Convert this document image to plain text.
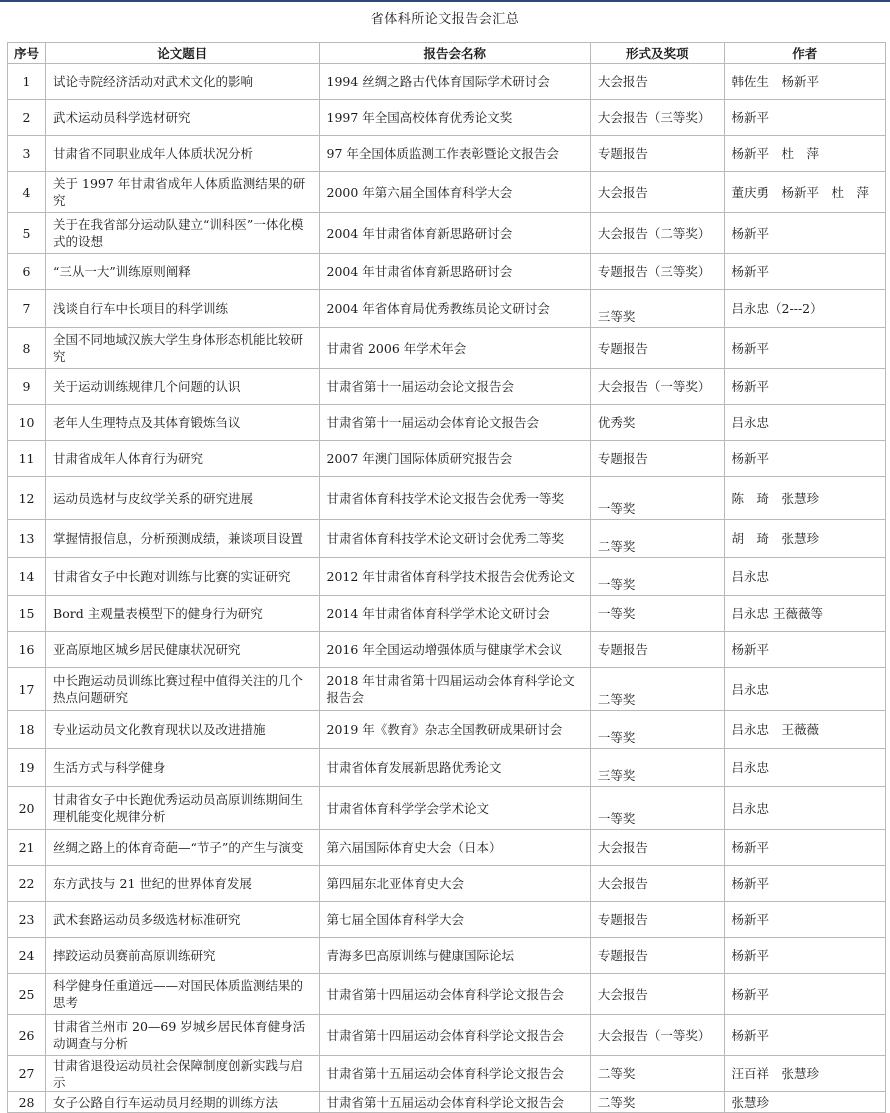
省体科所论文报告会汇总
序号	论文题目	报告会名称	形式及奖项	作者
1	试论寺院经济活动对武术文化的影响	1994 丝绸之路古代体育国际学术研讨会	大会报告	韩佐生　杨新平
2	武术运动员科学选材研究	1997 年全国高校体育优秀论文奖	大会报告（三等奖）	杨新平
3	甘肃省不同职业成年人体质状况分析	97 年全国体质监测工作表彰暨论文报告会	专题报告	杨新平　杜　萍
4	关于 1997 年甘肃省成年人体质监测结果的研究	2000 年第六届全国体育科学大会	大会报告	董庆勇　杨新平　杜　萍
5	关于在我省部分运动队建立“训科医”一体化模式的设想	2004 年甘肃省体育新思路研讨会	大会报告（二等奖）	杨新平
6	“三从一大”训练原则阐释	2004 年甘肃省体育新思路研讨会	专题报告（三等奖）	杨新平
7	浅谈自行车中长项目的科学训练	2004 年省体育局优秀教练员论文研讨会	三等奖	吕永忠（2---2）
8	全国不同地域汉族大学生身体形态机能比较研究	甘肃省 2006 年学术年会	专题报告	杨新平
9	关于运动训练规律几个问题的认识	甘肃省第十一届运动会论文报告会	大会报告（一等奖）	杨新平
10	老年人生理特点及其体育锻炼刍议	甘肃省第十一届运动会体育论文报告会	优秀奖	吕永忠
11	甘肃省成年人体育行为研究	2007 年澳门国际体质研究报告会	专题报告	杨新平
12	运动员选材与皮纹学关系的研究进展	甘肃省体育科技学术论文报告会优秀一等奖	一等奖	陈　琦　张慧珍
13	掌握情报信息，分析预测成绩，兼谈项目设置	甘肃省体育科技学术论文研讨会优秀二等奖	二等奖	胡　琦　张慧珍
14	甘肃省女子中长跑对训练与比赛的实证研究	2012 年甘肃省体育科学技术报告会优秀论文	一等奖	吕永忠
15	Bord 主观量表模型下的健身行为研究	2014 年甘肃省体育科学学术论文研讨会	一等奖	吕永忠 王薇薇等
16	亚高原地区城乡居民健康状况研究	2016 年全国运动增强体质与健康学术会议	专题报告	杨新平
17	中长跑运动员训练比赛过程中值得关注的几个热点问题研究	2018 年甘肃省第十四届运动会体育科学论文报告会	二等奖	吕永忠
18	专业运动员文化教育现状以及改进措施	2019 年《教育》杂志全国教研成果研讨会	一等奖	吕永忠　王薇薇
19	生活方式与科学健身	甘肃省体育发展新思路优秀论文	三等奖	吕永忠
20	甘肃省女子中长跑优秀运动员高原训练期间生理机能变化规律分析	甘肃省体育科学学会学术论文	一等奖	吕永忠
21	丝绸之路上的体育奇葩—“节子”的产生与演变	第六届国际体育史大会（日本）	大会报告	杨新平
22	东方武技与 21 世纪的世界体育发展	第四届东北亚体育史大会	大会报告	杨新平
23	武术套路运动员多级选材标准研究	第七届全国体育科学大会	专题报告	杨新平
24	摔跤运动员赛前高原训练研究	青海多巴高原训练与健康国际论坛	专题报告	杨新平
25	科学健身任重道远——对国民体质监测结果的思考	甘肃省第十四届运动会体育科学论文报告会	大会报告	杨新平
26	甘肃省兰州市 20—69 岁城乡居民体育健身活动调查与分析	甘肃省第十四届运动会体育科学论文报告会	大会报告（一等奖）	杨新平
27	甘肃省退役运动员社会保障制度创新实践与启示	甘肃省第十五届运动会体育科学论文报告会	二等奖	汪百祥　张慧珍
28	女子公路自行车运动员月经期的训练方法	甘肃省第十五届运动会体育科学论文报告会	二等奖	张慧珍
